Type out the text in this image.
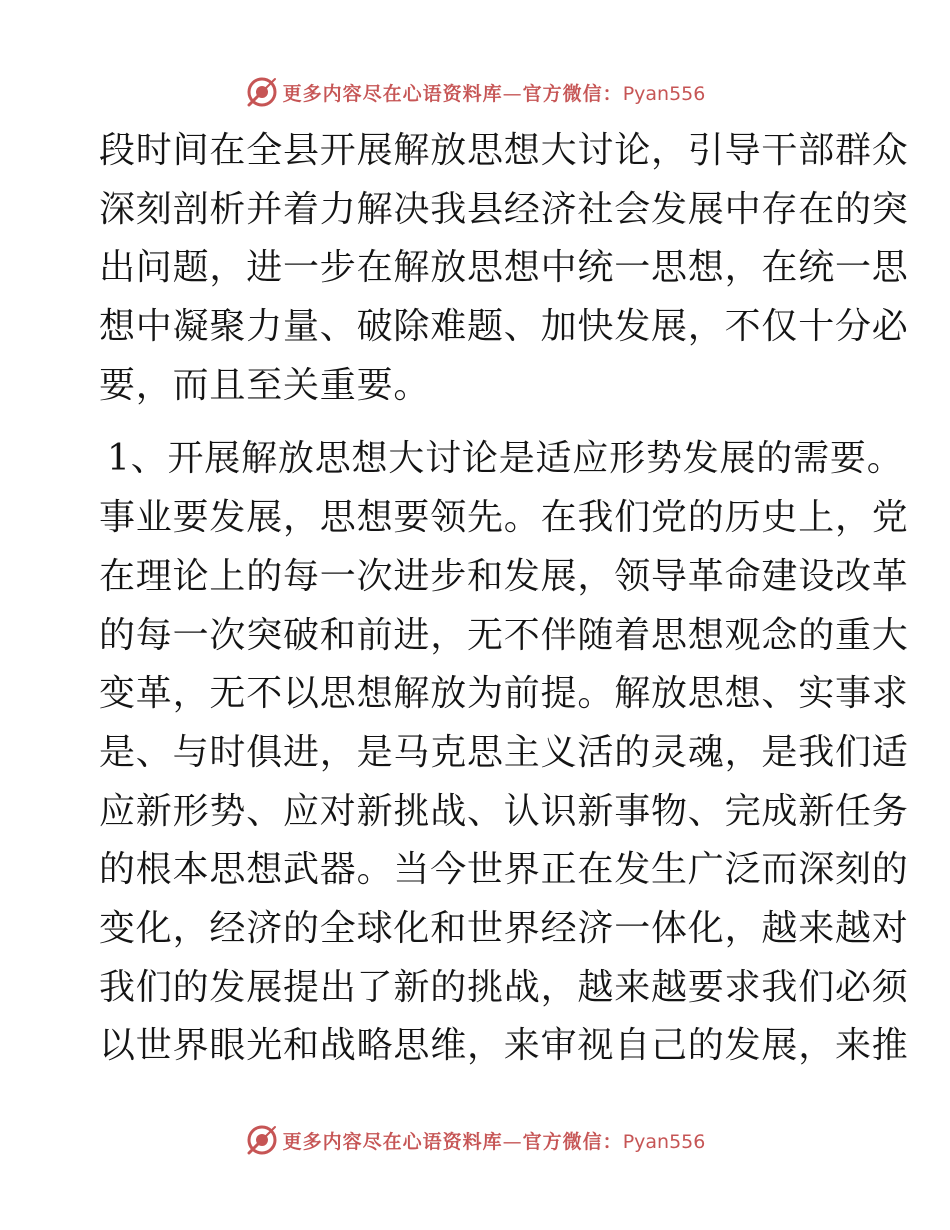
更多内容尽在心语资料库—官方微信：Pyan556
段时间在全县开展解放思想大讨论，引导干部群众
深刻剖析并着力解决我县经济社会发展中存在的突
出问题，进一步在解放思想中统一思想，在统一思
想中凝聚力量、破除难题、加快发展，不仅十分必
要，而且至关重要。
1、开展解放思想大讨论是适应形势发展的需要。
事业要发展，思想要领先。在我们党的历史上，党
在理论上的每一次进步和发展，领导革命建设改革
的每一次突破和前进，无不伴随着思想观念的重大
变革，无不以思想解放为前提。解放思想、实事求
是、与时俱进，是马克思主义活的灵魂，是我们适
应新形势、应对新挑战、认识新事物、完成新任务
的根本思想武器。当今世界正在发生广泛而深刻的
变化，经济的全球化和世界经济一体化，越来越对
我们的发展提出了新的挑战，越来越要求我们必须
以世界眼光和战略思维，来审视自己的发展，来推
更多内容尽在心语资料库—官方微信：Pyan556
